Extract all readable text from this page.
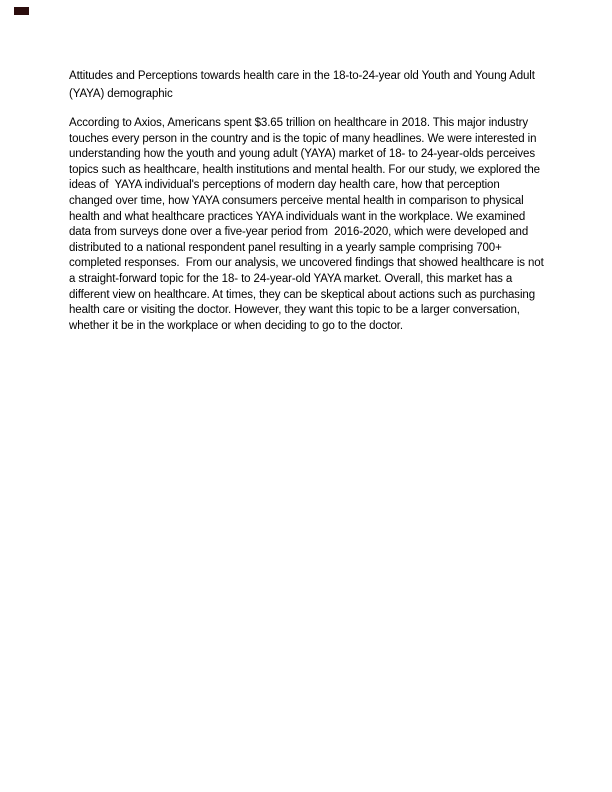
Attitudes and Perceptions towards health care in the 18-to-24-year old Youth and Young Adult
(YAYA) demographic
According to Axios, Americans spent $3.65 trillion on healthcare in 2018. This major industry
touches every person in the country and is the topic of many headlines. We were interested in
understanding how the youth and young adult (YAYA) market of 18- to 24-year-olds perceives
topics such as healthcare, health institutions and mental health. For our study, we explored the
ideas of  YAYA individual's perceptions of modern day health care, how that perception
changed over time, how YAYA consumers perceive mental health in comparison to physical
health and what healthcare practices YAYA individuals want in the workplace. We examined
data from surveys done over a five-year period from  2016-2020, which were developed and
distributed to a national respondent panel resulting in a yearly sample comprising 700+
completed responses.  From our analysis, we uncovered findings that showed healthcare is not
a straight-forward topic for the 18- to 24-year-old YAYA market. Overall, this market has a
different view on healthcare. At times, they can be skeptical about actions such as purchasing
health care or visiting the doctor. However, they want this topic to be a larger conversation,
whether it be in the workplace or when deciding to go to the doctor.
